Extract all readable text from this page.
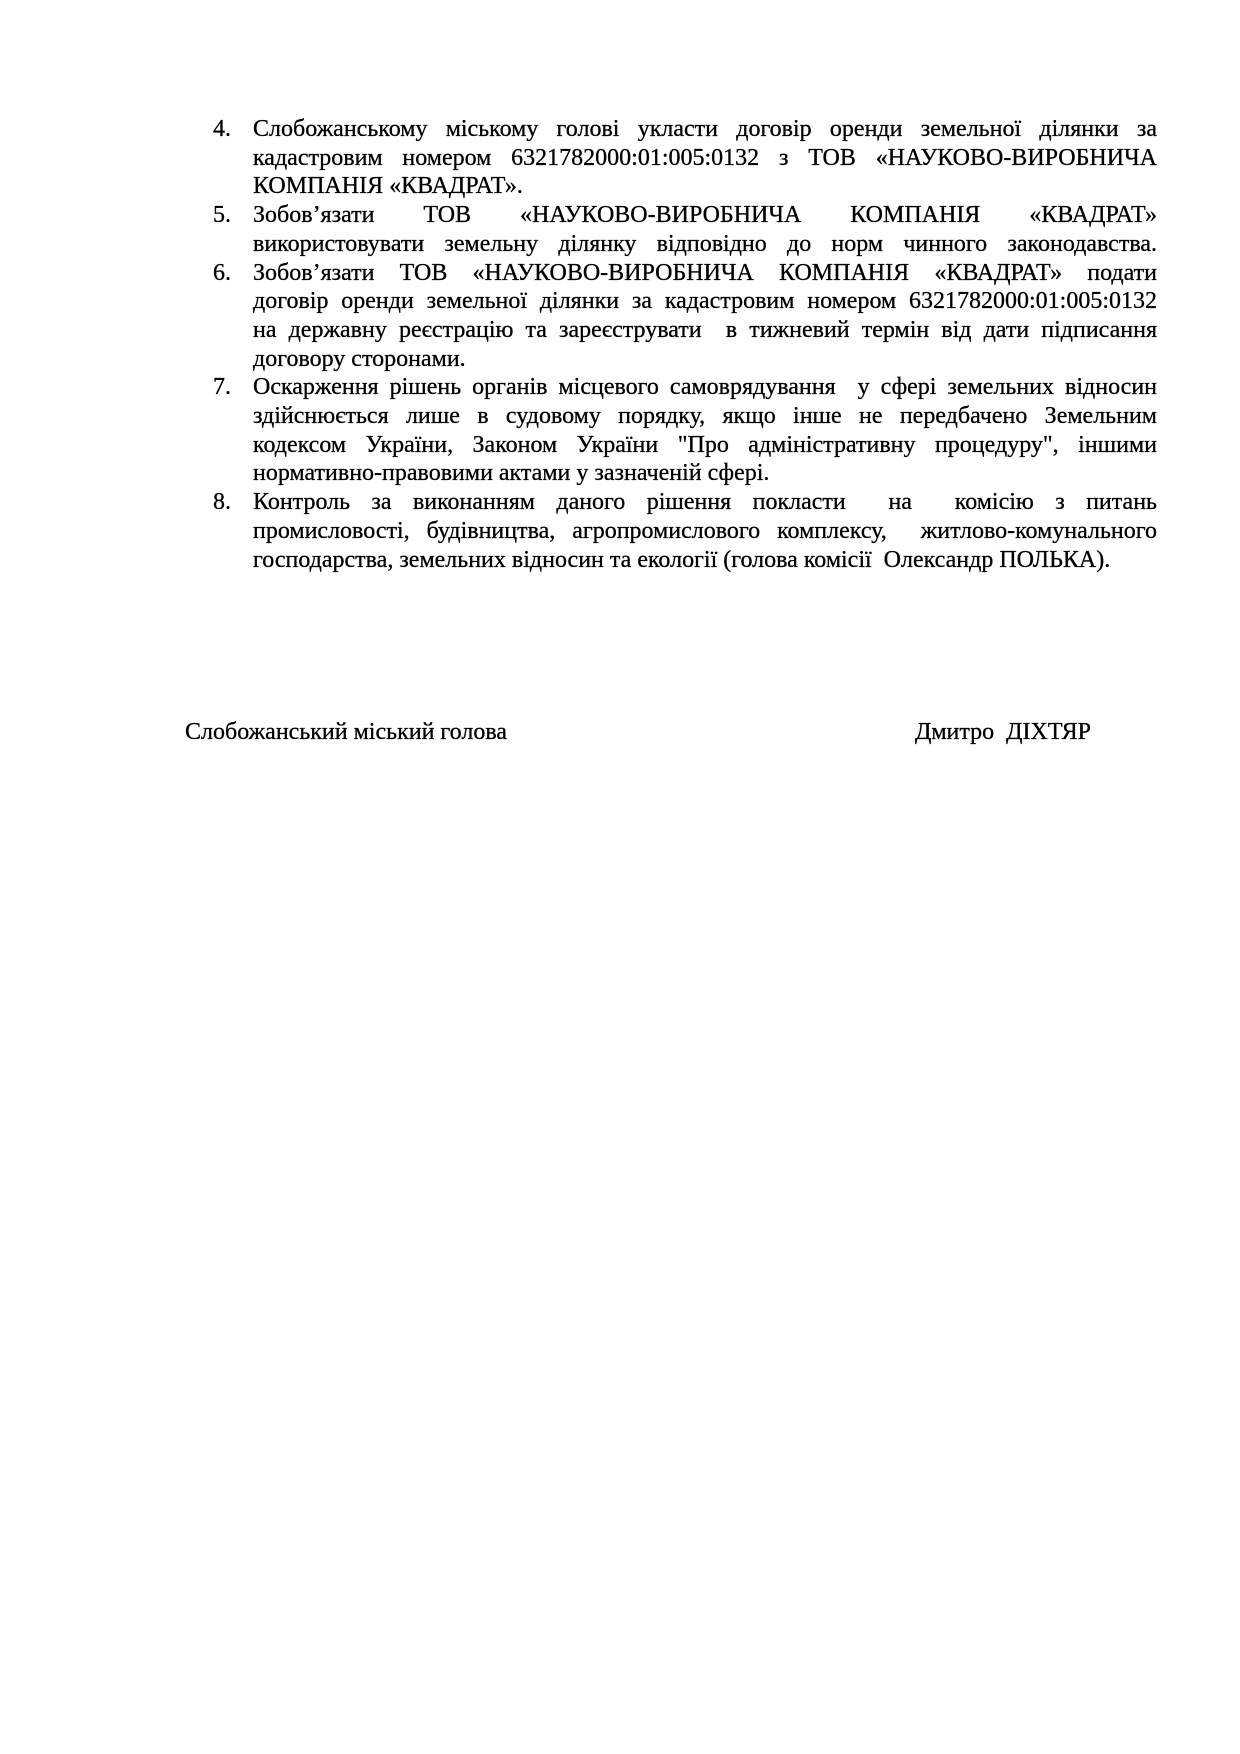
4. Слобожанському міському голові укласти договір оренди земельної ділянки за
кадастровим номером 6321782000:01:005:0132 з ТОВ «НАУКОВО-ВИРОБНИЧА
КОМПАНІЯ «КВАДРАТ».
5. Зобов’язати ТОВ «НАУКОВО-ВИРОБНИЧА КОМПАНІЯ «КВАДРАТ»
використовувати земельну ділянку відповідно до норм чинного законодавства.
6. Зобов’язати ТОВ «НАУКОВО-ВИРОБНИЧА КОМПАНІЯ «КВАДРАТ» подати
договір оренди земельної ділянки за кадастровим номером 6321782000:01:005:0132
на державну реєстрацію та зареєструвати  в тижневий термін від дати підписання
договору сторонами.
7. Оскарження рішень органів місцевого самоврядування  у сфері земельних відносин
здійснюється лише в судовому порядку, якщо інше не передбачено Земельним
кодексом України, Законом України "Про адміністративну процедуру", іншими
нормативно-правовими актами у зазначеній сфері.
8. Контроль за виконанням даного рішення покласти  на  комісію з питань
промисловості, будівництва, агропромислового комплексу,  житлово-комунального
господарства, земельних відносин та екології (голова комісії  Олександр ПОЛЬКА).
Слобожанський міський голова	Дмитро  ДІХТЯР
